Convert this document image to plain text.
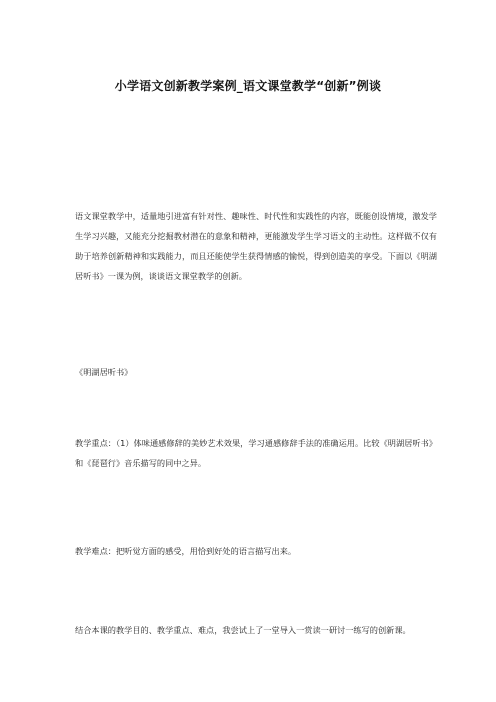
小学语文创新教学案例_语文课堂教学“创新”例谈

语文课堂教学中，适量地引进富有针对性、趣味性、时代性和实践性的内容，既能创设情境，激发学生学习兴趣，又能充分挖掘教材潜在的意象和精神，更能激发学生学习语文的主动性。这样做不仅有助于培养创新精神和实践能力，而且还能使学生获得情感的愉悦，得到创造美的享受。下面以《明湖居听书》一课为例，谈谈语文课堂教学的创新。

《明湖居听书》

教学重点：（1）体味通感修辞的美妙艺术效果，学习通感修辞手法的准确运用。比较《明湖居听书》和《琵琶行》音乐描写的同中之异。

教学难点：把听觉方面的感受，用恰到好处的语言描写出来。

结合本课的教学目的、教学重点、难点，我尝试上了一堂导入一赏读一研讨一练写的创新课。
